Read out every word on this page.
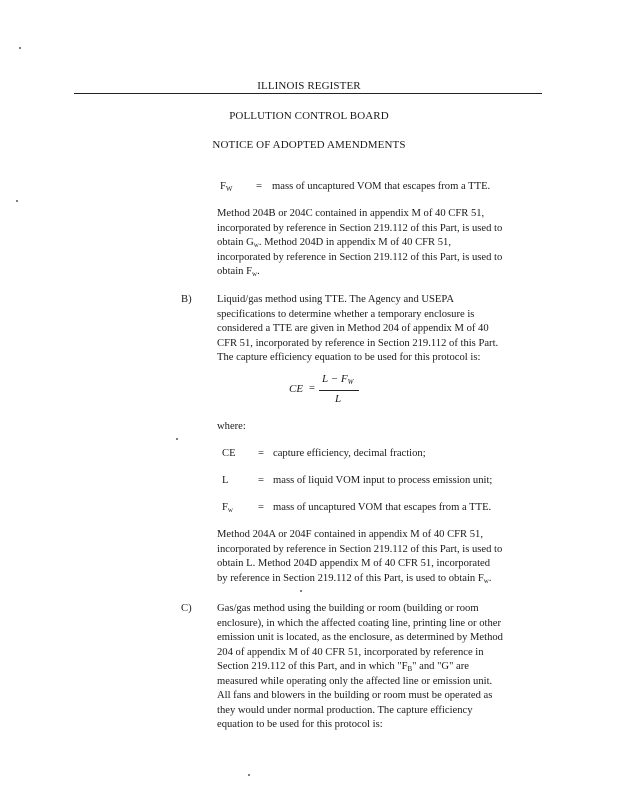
ILLINOIS REGISTER
POLLUTION CONTROL BOARD
NOTICE OF ADOPTED AMENDMENTS
$F_W$ = mass of uncaptured VOM that escapes from a TTE.
Method 204B or 204C contained in appendix M of 40 CFR 51,
incorporated by reference in Section 219.112 of this Part, is used to
obtain $G_w$. Method 204D in appendix M of 40 CFR 51,
incorporated by reference in Section 219.112 of this Part, is used to
obtain $F_w$.
B) Liquid/gas method using TTE. The Agency and USEPA
specifications to determine whether a temporary enclosure is
considered a TTE are given in Method 204 of appendix M of 40
CFR 51, incorporated by reference in Section 219.112 of this Part.
The capture efficiency equation to be used for this protocol is:
CE =
$L - F_W$
L
where:
CE = capture efficiency, decimal fraction;
L	= mass of liquid VOM input to process emission unit;
$F_w$ = mass of uncaptured VOM that escapes from a TTE.
Method 204A or 204F contained in appendix M of 40 CFR 51,
incorporated by reference in Section 219.112 of this Part, is used to
obtain L. Method 204D appendix M of 40 CFR 51, incorporated
by reference in Section 219.112 of this Part, is used to obtain $F_w$.
C) Gas/gas method using the building or room (building or room
enclosure), in which the affected coating line, printing line or other
emission unit is located, as the enclosure, as determined by Method
204 of appendix M of 40 CFR 51, incorporated by reference in
Section 219.112 of this Part, and in which "$F_B$" and "G" are
measured while operating only the affected line or emission unit.
All fans and blowers in the building or room must be operated as
they would under normal production. The capture efficiency
equation to be used for this protocol is:
